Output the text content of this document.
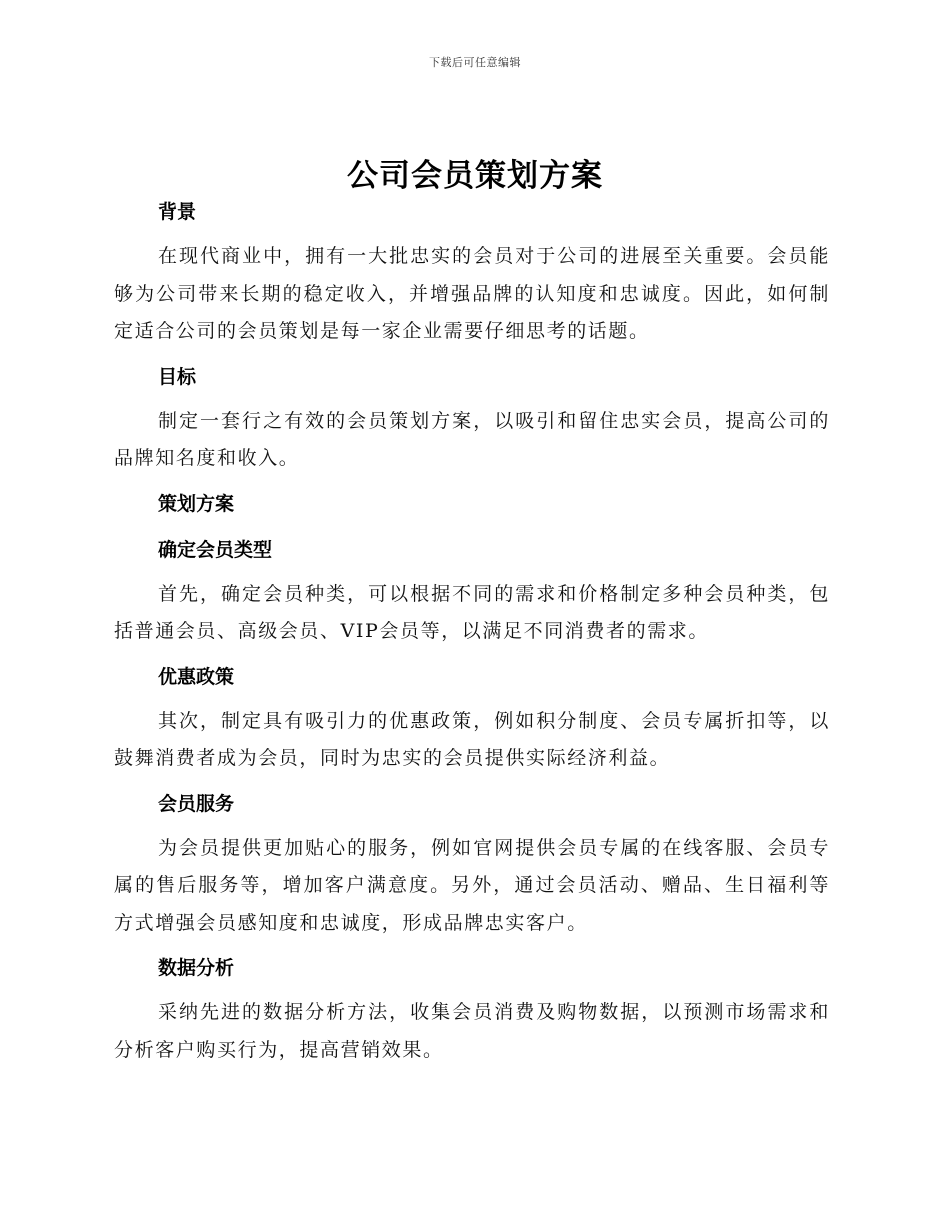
下载后可任意编辑
公司会员策划方案
背景

在现代商业中，拥有一大批忠实的会员对于公司的进展至关重要。会员能够为公司带来长期的稳定收入，并增强品牌的认知度和忠诚度。因此，如何制定适合公司的会员策划是每一家企业需要仔细思考的话题。

目标

制定一套行之有效的会员策划方案，以吸引和留住忠实会员，提高公司的品牌知名度和收入。

策划方案
确定会员类型

首先，确定会员种类，可以根据不同的需求和价格制定多种会员种类，包括普通会员、高级会员、VIP会员等，以满足不同消费者的需求。

优惠政策

其次，制定具有吸引力的优惠政策，例如积分制度、会员专属折扣等，以鼓舞消费者成为会员，同时为忠实的会员提供实际经济利益。

会员服务

为会员提供更加贴心的服务，例如官网提供会员专属的在线客服、会员专属的售后服务等，增加客户满意度。另外，通过会员活动、赠品、生日福利等方式增强会员感知度和忠诚度，形成品牌忠实客户。

数据分析

采纳先进的数据分析方法，收集会员消费及购物数据，以预测市场需求和分析客户购买行为，提高营销效果。
